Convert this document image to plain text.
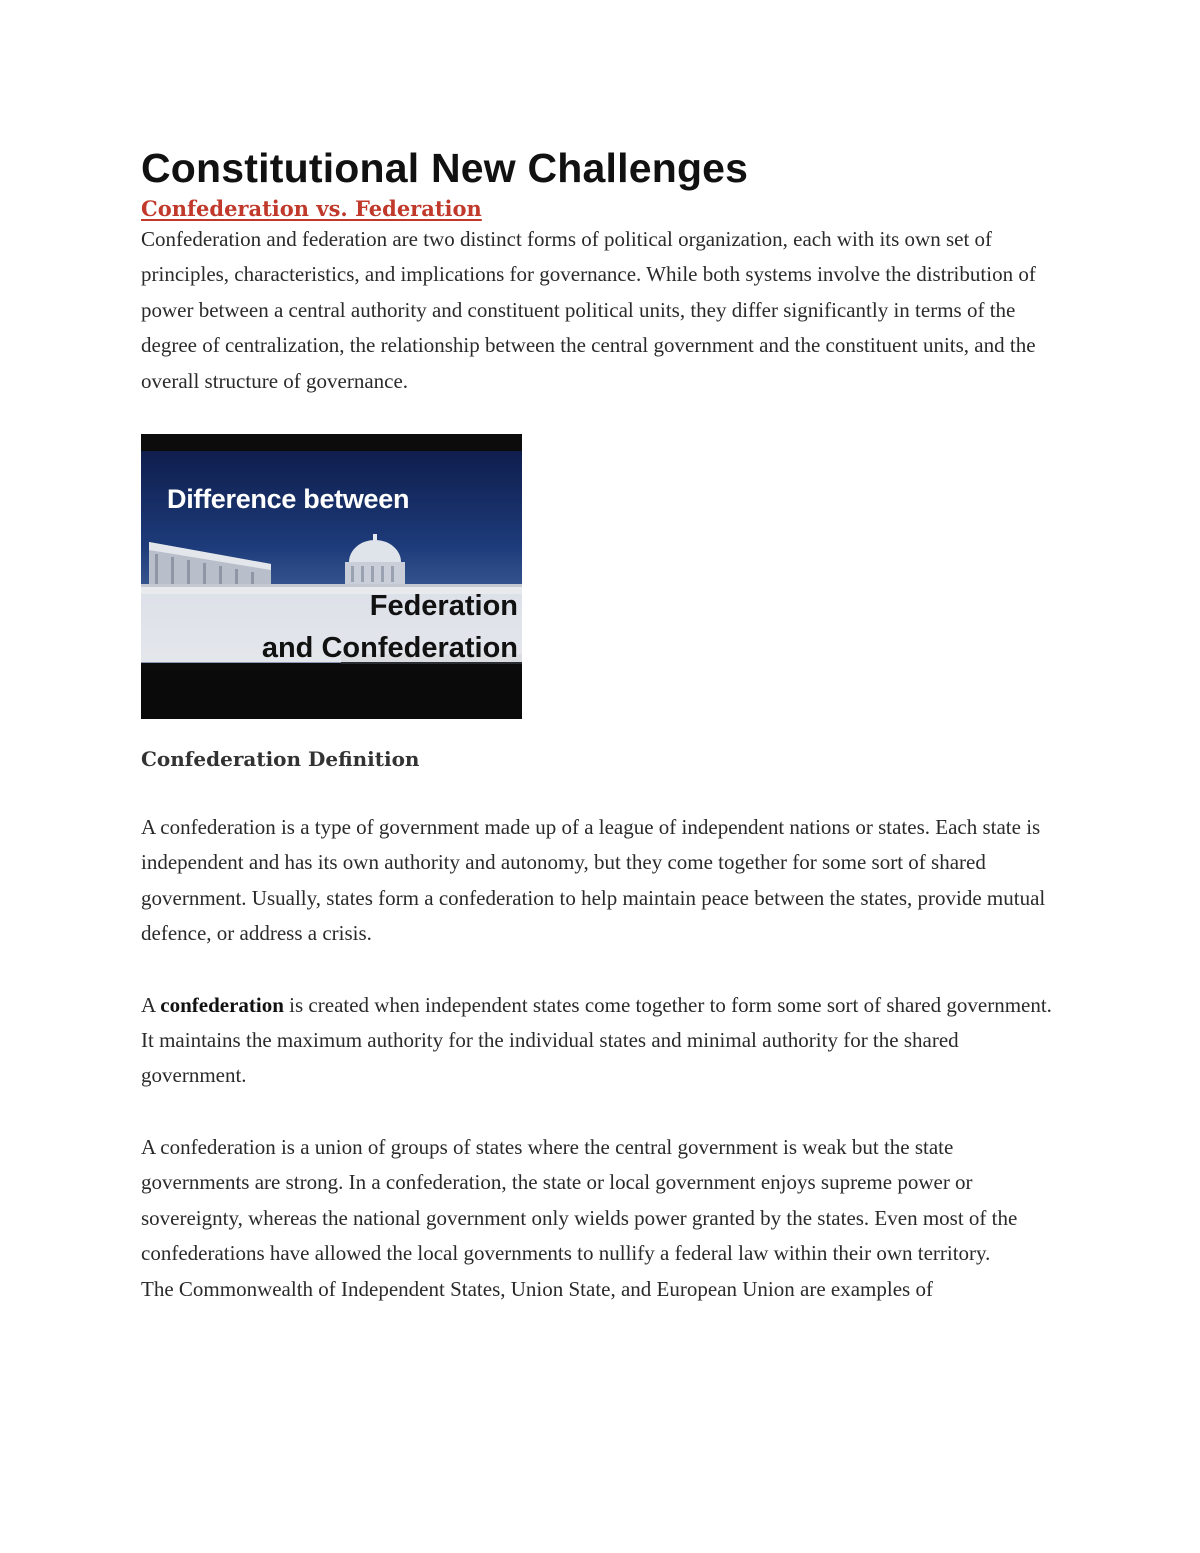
Constitutional New Challenges
Confederation vs. Federation

Confederation and federation are two distinct forms of political organization, each with its own set of principles, characteristics, and implications for governance. While both systems involve the distribution of power between a central authority and constituent political units, they differ significantly in terms of the degree of centralization, the relationship between the central government and the constituent units, and the overall structure of governance.

Difference between
Federation
and Confederation
Confederation Definition

A confederation is a type of government made up of a league of independent nations or states. Each state is independent and has its own authority and autonomy, but they come together for some sort of shared government. Usually, states form a confederation to help maintain peace between the states, provide mutual defence, or address a crisis.

A confederation is created when independent states come together to form some sort of shared government. It maintains the maximum authority for the individual states and minimal authority for the shared government.

A confederation is a union of groups of states where the central government is weak but the state governments are strong. In a confederation, the state or local government enjoys supreme power or sovereignty, whereas the national government only wields power granted by the states. Even most of the confederations have allowed the local governments to nullify a federal law within their own territory.

The Commonwealth of Independent States, Union State, and European Union are examples of
